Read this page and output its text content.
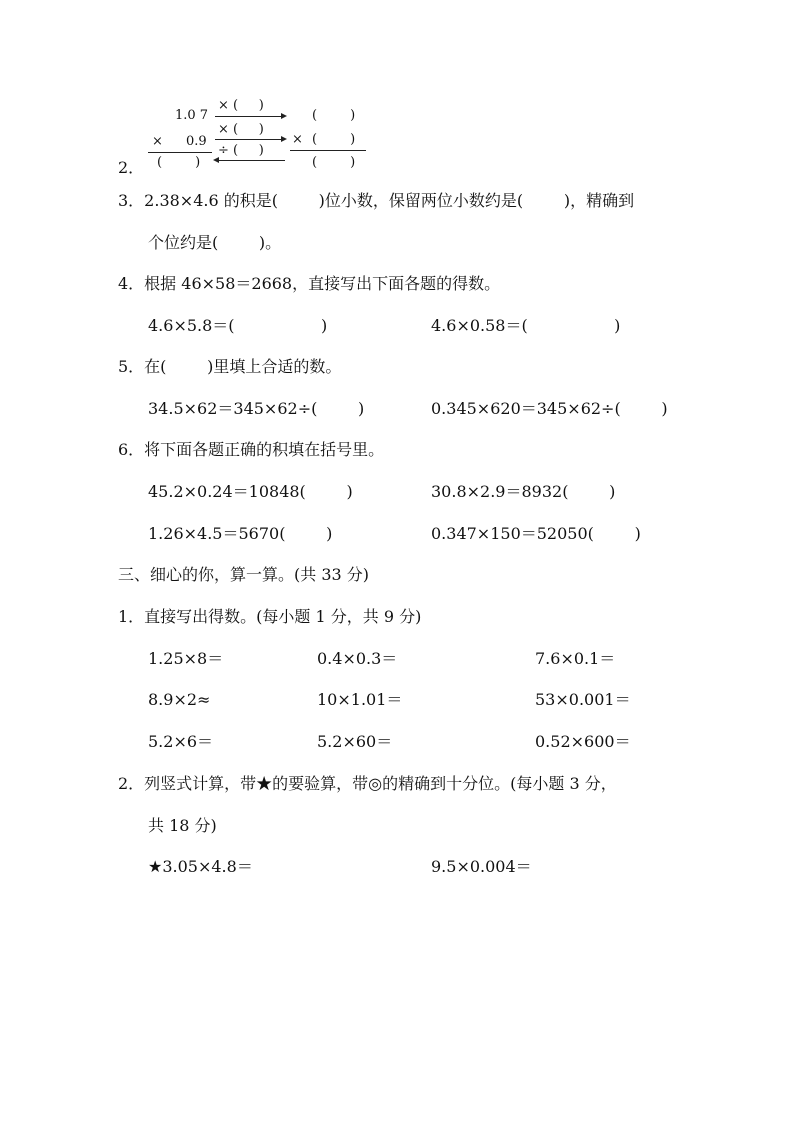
2．
1.0 7
× 0.9
(        )
× (     )
× (     )
÷ (     )
(        )
× (        )
(        )
3．2.38×4.6 的积是(        )位小数，保留两位小数约是(        )，精确到
个位约是(        )。
4．根据 46×58＝2668，直接写出下面各题的得数。
4.6×5.8＝(                 )	4.6×0.58＝(                 )
5．在(        )里填上合适的数。
34.5×62＝345×62÷(        )	0.345×620＝345×62÷(        )
6．将下面各题正确的积填在括号里。
45.2×0.24＝10848(        )	30.8×2.9＝8932(        )
1.26×4.5＝5670(        )	0.347×150＝52050(        )
三、细心的你，算一算。(共 33 分)
1．直接写出得数。(每小题 1 分，共 9 分)
1.25×8＝	0.4×0.3＝	7.6×0.1＝
8.9×2≈	10×1.01＝	53×0.001＝
5.2×6＝	5.2×60＝	0.52×600＝
2．列竖式计算，带★的要验算，带◎的精确到十分位。(每小题 3 分，
共 18 分)
★3.05×4.8＝	9.5×0.004＝
